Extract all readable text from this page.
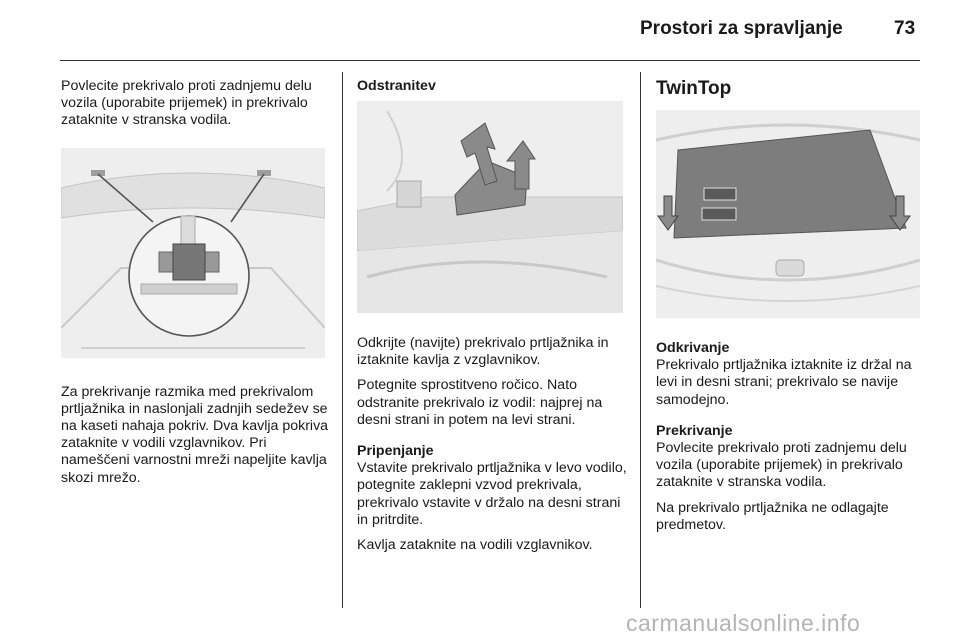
Prostori za spravljanje	73

Povlecite prekrivalo proti zadnjemu delu vozila (uporabite prijemek) in prekrivalo zataknite v stranska vodila.

Za prekrivanje razmika med prekrivalom prtljažnika in naslonjali zadnjih sedežev se na kaseti nahaja pokriv. Dva kavlja pokriva zataknite v vodili vzglavnikov. Pri nameščeni varnostni mreži napeljite kavlja skozi mrežo.

Odstranitev

Odkrijte (navijte) prekrivalo prtljažnika in iztaknite kavlja z vzglavnikov.

Potegnite sprostitveno ročico. Nato odstranite prekrivalo iz vodil: najprej na desni strani in potem na levi strani.

Pripenjanje

Vstavite prekrivalo prtljažnika v levo vodilo, potegnite zaklepni vzvod prekrivala, prekrivalo vstavite v držalo na desni strani in pritrdite.

Kavlja zataknite na vodili vzglavnikov.

TwinTop
Odkrivanje

Prekrivalo prtljažnika iztaknite iz držal na levi in desni strani; prekrivalo se navije samodejno.

Prekrivanje

Povlecite prekrivalo proti zadnjemu delu vozila (uporabite prijemek) in prekrivalo zataknite v stranska vodila.

Na prekrivalo prtljažnika ne odlagajte predmetov.

carmanualsonline.info
